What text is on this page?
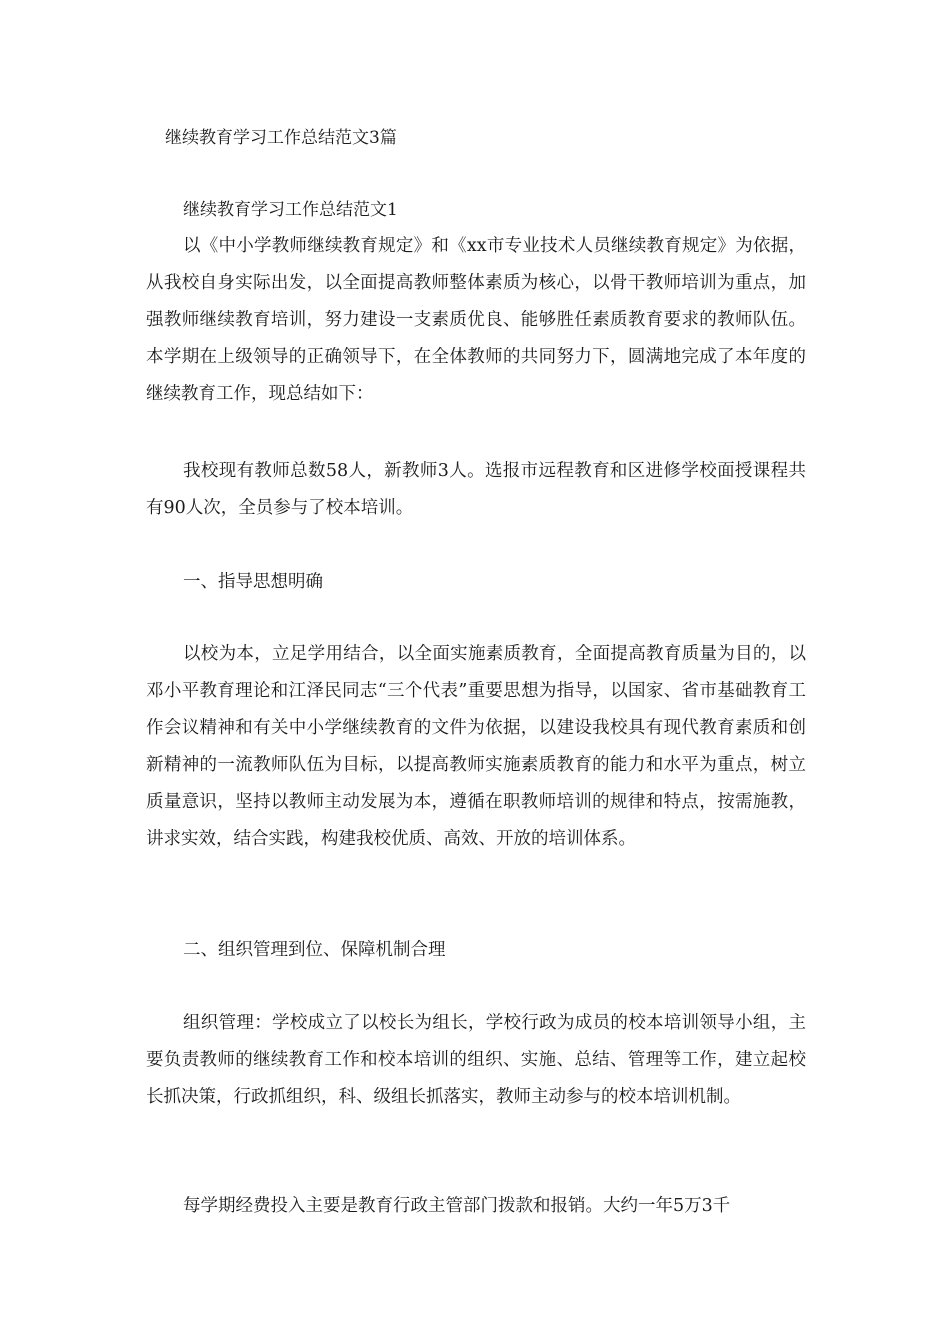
继续教育学习工作总结范文3篇
继续教育学习工作总结范文1

以《中小学教师继续教育规定》和《xx市专业技术人员继续教育规定》为依据，从我校自身实际出发，以全面提高教师整体素质为核心，以骨干教师培训为重点，加强教师继续教育培训，努力建设一支素质优良、能够胜任素质教育要求的教师队伍。本学期在上级领导的正确领导下，在全体教师的共同努力下，圆满地完成了本年度的继续教育工作，现总结如下：

我校现有教师总数58人，新教师3人。选报市远程教育和区进修学校面授课程共有90人次，全员参与了校本培训。

一、指导思想明确

以校为本，立足学用结合，以全面实施素质教育，全面提高教育质量为目的，以邓小平教育理论和江泽民同志“三个代表”重要思想为指导，以国家、省市基础教育工作会议精神和有关中小学继续教育的文件为依据，以建设我校具有现代教育素质和创新精神的一流教师队伍为目标，以提高教师实施素质教育的能力和水平为重点，树立质量意识，坚持以教师主动发展为本，遵循在职教师培训的规律和特点，按需施教，讲求实效，结合实践，构建我校优质、高效、开放的培训体系。

二、组织管理到位、保障机制合理

组织管理：学校成立了以校长为组长，学校行政为成员的校本培训领导小组，主要负责教师的继续教育工作和校本培训的组织、实施、总结、管理等工作，建立起校长抓决策，行政抓组织，科、级组长抓落实，教师主动参与的校本培训机制。

每学期经费投入主要是教育行政主管部门拨款和报销。大约一年5万3千
